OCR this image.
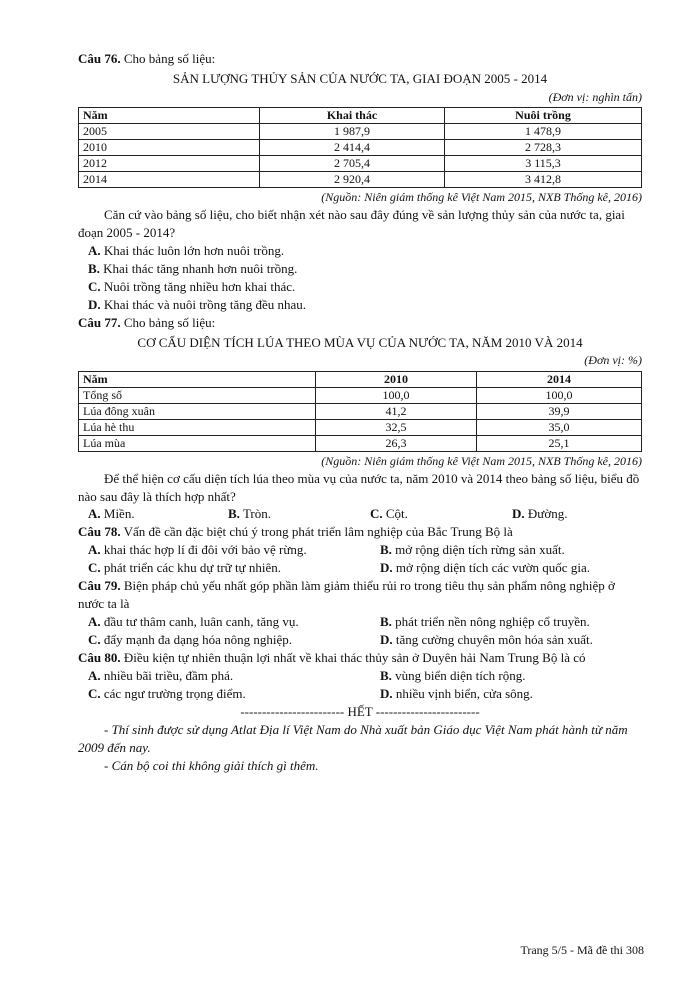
Câu 76. Cho bảng số liệu:

SẢN LƯỢNG THỦY SẢN CỦA NƯỚC TA, GIAI ĐOẠN 2005 - 2014

(Đơn vị: nghìn tấn)

Năm	Khai thác	Nuôi trồng
2005	1 987,9	1 478,9
2010	2 414,4	2 728,3
2012	2 705,4	3 115,3
2014	2 920,4	3 412,8

(Nguồn: Niên giám thống kê Việt Nam 2015, NXB Thống kê, 2016)

Căn cứ vào bảng số liệu, cho biết nhận xét nào sau đây đúng về sản lượng thủy sản của nước ta, giai đoạn 2005 - 2014?

A. Khai thác luôn lớn hơn nuôi trồng.

B. Khai thác tăng nhanh hơn nuôi trồng.

C. Nuôi trồng tăng nhiều hơn khai thác.

D. Khai thác và nuôi trồng tăng đều nhau.

Câu 77. Cho bảng số liệu:

CƠ CẤU DIỆN TÍCH LÚA THEO MÙA VỤ CỦA NƯỚC TA, NĂM 2010 VÀ 2014

(Đơn vị: %)

Năm	2010	2014
Tổng số	100,0	100,0
Lúa đông xuân	41,2	39,9
Lúa hè thu	32,5	35,0
Lúa mùa	26,3	25,1

(Nguồn: Niên giám thống kê Việt Nam 2015, NXB Thống kê, 2016)

Để thể hiện cơ cấu diện tích lúa theo mùa vụ của nước ta, năm 2010 và 2014 theo bảng số liệu, biểu đồ nào sau đây là thích hợp nhất?

A. Miền.	B. Tròn.	C. Cột.	D. Đường.

Câu 78. Vấn đề cần đặc biệt chú ý trong phát triển lâm nghiệp của Bắc Trung Bộ là

A. khai thác hợp lí đi đôi với bảo vệ rừng.	B. mở rộng diện tích rừng sản xuất.
C. phát triển các khu dự trữ tự nhiên.	D. mở rộng diện tích các vườn quốc gia.

Câu 79. Biện pháp chủ yếu nhất góp phần làm giảm thiểu rủi ro trong tiêu thụ sản phẩm nông nghiệp ở nước ta là

A. đầu tư thâm canh, luân canh, tăng vụ.	B. phát triển nền nông nghiệp cổ truyền.
C. đẩy mạnh đa dạng hóa nông nghiệp.	D. tăng cường chuyên môn hóa sản xuất.

Câu 80. Điều kiện tự nhiên thuận lợi nhất về khai thác thủy sản ở Duyên hải Nam Trung Bộ là có

A. nhiều bãi triều, đầm phá.	B. vùng biển diện tích rộng.
C. các ngư trường trọng điểm.	D. nhiều vịnh biển, cửa sông.

------------------------ HẾT ------------------------

- Thí sinh được sử dụng Atlat Địa lí Việt Nam do Nhà xuất bản Giáo dục Việt Nam phát hành từ năm 2009 đến nay.

- Cán bộ coi thi không giải thích gì thêm.

Trang 5/5 - Mã đề thi 308
